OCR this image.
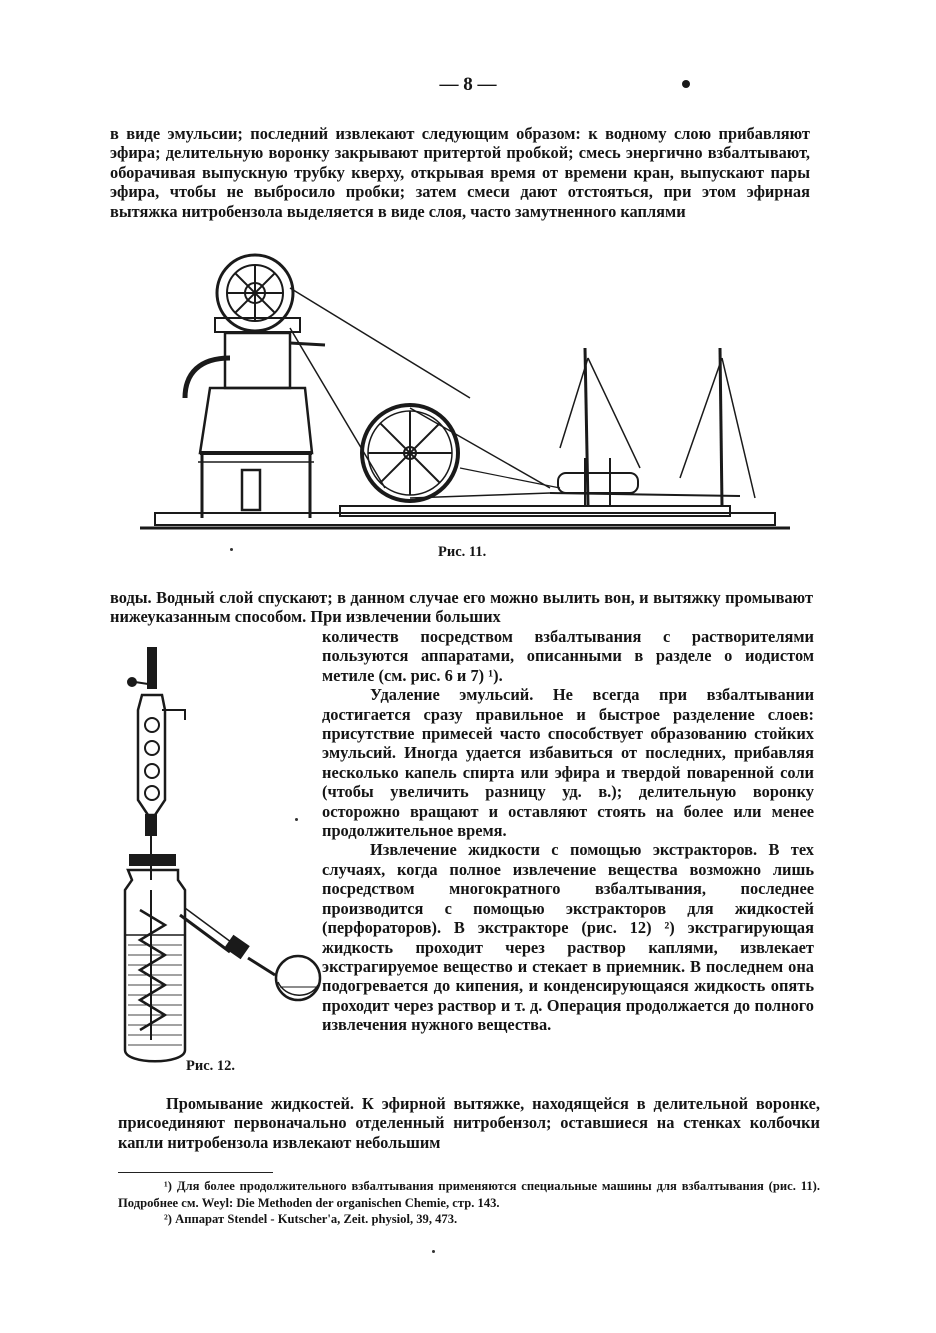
— 8 —

в виде эмульсии; последний извлекают следующим образом: к водному слою прибавляют эфира; делительную воронку закрывают притертой пробкой; смесь энергично взбалтывают, оборачивая выпускную трубку кверху, открывая время от времени кран, выпускают пары эфира, чтобы не выбросило пробки; затем смеси дают отстояться, при этом эфирная вытяжка нитробензола выделяется в виде слоя, часто замутненного каплями

Рис. 11.

воды. Водный слой спускают; в данном случае его можно вылить вон, и вытяжку промывают нижеуказанным способом. При извлечении больших

количеств посредством взбалтывания с растворителями пользуются аппаратами, описанными в разделе о иодистом метиле (см. рис. 6 и 7) ¹).

Удаление эмульсий. Не всегда при взбалтывании достигается сразу правильное и быстрое разделение слоев: присутствие примесей часто способствует образованию стойких эмульсий. Иногда удается избавиться от последних, прибавляя несколько капель спирта или эфира и твердой поваренной соли (чтобы увеличить разницу уд. в.); делительную воронку осторожно вращают и оставляют стоять на более или менее продолжительное время.

Извлечение жидкости с помощью экстракторов. В тех случаях, когда полное извлечение вещества возможно лишь посредством многократного взбалтывания, последнее производится с помощью экстракторов для жидкостей (перфораторов). В экстракторе (рис. 12) ²) экстрагирующая жидкость проходит через раствор каплями, извлекает экстрагируемое вещество и стекает в приемник. В последнем она подогревается до кипения, и конденсирующаяся жидкость опять проходит через раствор и т. д. Операция продолжается до полного извлечения нужного вещества.

Рис. 12.

Промывание жидкостей. К эфирной вытяжке, находящейся в делительной воронке, присоединяют первоначально отделенный нитробензол; оставшиеся на стенках колбочки капли нитробензола извлекают небольшим

¹) Для более продолжительного взбалтывания применяются специальные машины для взбалтывания (рис. 11). Подробнее см. Weyl: Die Methoden der organischen Chemie, стр. 143.

²) Аппарат Stendel - Kutscher'а, Zeit. physiol, 39, 473.
